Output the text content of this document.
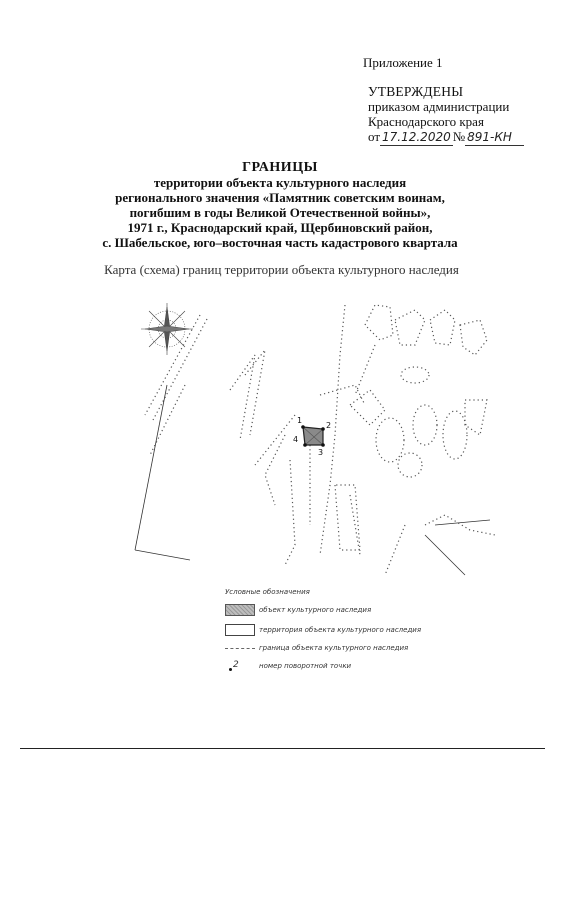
Приложение 1
УТВЕРЖДЕНЫ
приказом администрации
Краснодарского края
от 17.12.2020 № 891-КН
ГРАНИЦЫ
территории объекта культурного наследия
регионального значения «Памятник советским воинам,
погибшим в годы Великой Отечественной войны»,
1971 г., Краснодарский край, Щербиновский район,
с. Шабельское, юго–восточная часть кадастрового квартала
Карта (схема) границ территории объекта культурного наследия
1
2
3
4
Условные обозначения
объект культурного наследия
территория объекта культурного наследия
граница объекта культурного наследия
2	номер поворотной точки
